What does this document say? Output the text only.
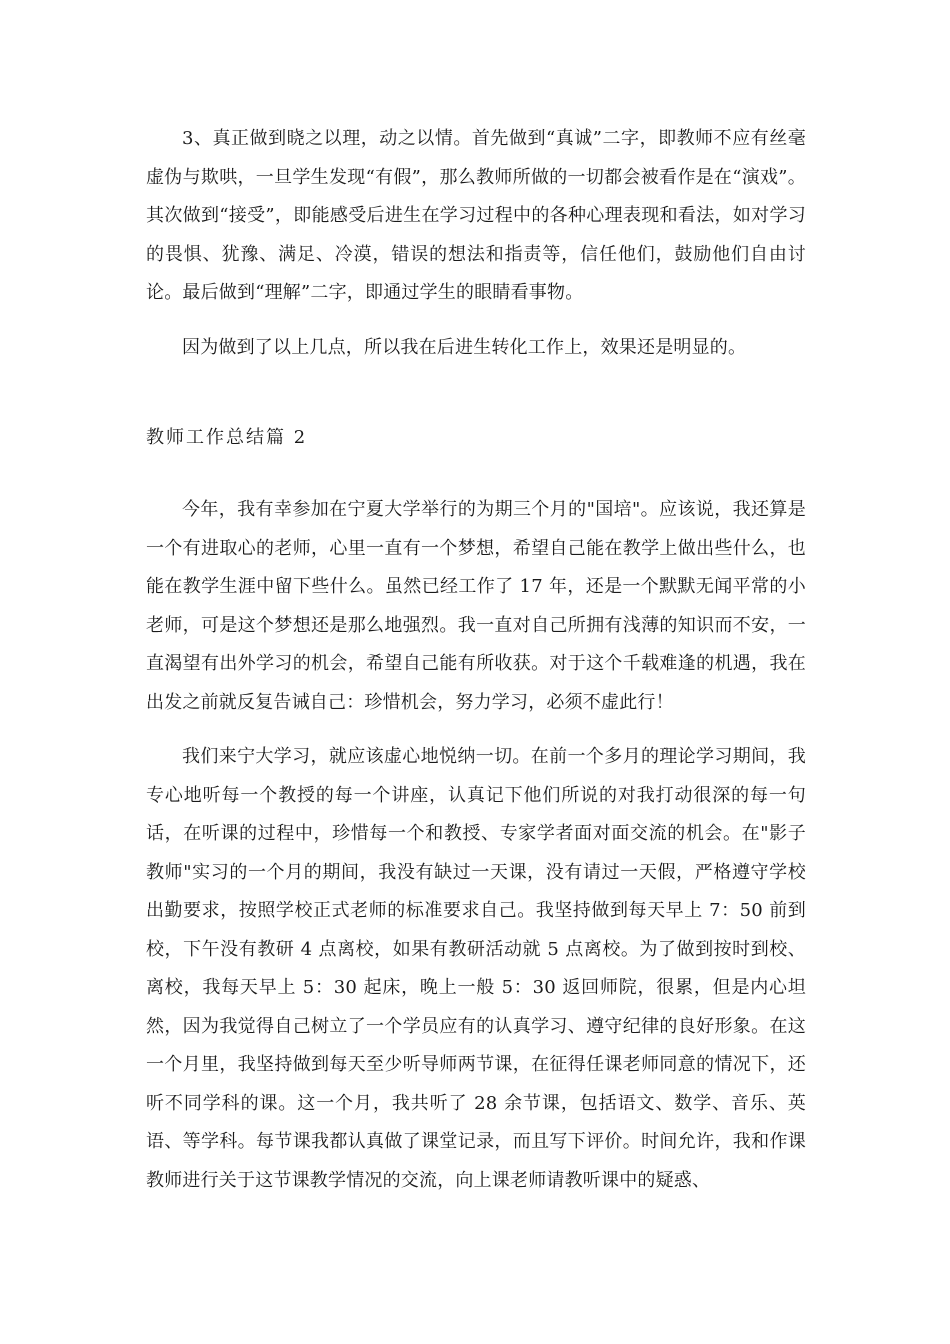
3、真正做到晓之以理，动之以情。首先做到“真诚”二字，即教师不应有丝毫虚伪与欺哄，一旦学生发现“有假”，那么教师所做的一切都会被看作是在“演戏”。其次做到“接受”，即能感受后进生在学习过程中的各种心理表现和看法，如对学习的畏惧、犹豫、满足、冷漠，错误的想法和指责等，信任他们，鼓励他们自由讨论。最后做到“理解”二字，即通过学生的眼睛看事物。

因为做到了以上几点，所以我在后进生转化工作上，效果还是明显的。

教师工作总结篇 2

今年，我有幸参加在宁夏大学举行的为期三个月的"国培"。应该说，我还算是一个有进取心的老师，心里一直有一个梦想，希望自己能在教学上做出些什么，也能在教学生涯中留下些什么。虽然已经工作了 17 年，还是一个默默无闻平常的小老师，可是这个梦想还是那么地强烈。我一直对自己所拥有浅薄的知识而不安，一直渴望有出外学习的机会，希望自己能有所收获。对于这个千载难逢的机遇，我在出发之前就反复告诫自己：珍惜机会，努力学习，必须不虚此行！

我们来宁大学习，就应该虚心地悦纳一切。在前一个多月的理论学习期间，我专心地听每一个教授的每一个讲座，认真记下他们所说的对我打动很深的每一句话，在听课的过程中，珍惜每一个和教授、专家学者面对面交流的机会。在"影子教师"实习的一个月的期间，我没有缺过一天课，没有请过一天假，严格遵守学校出勤要求，按照学校正式老师的标准要求自己。我坚持做到每天早上 7：50 前到校，下午没有教研 4 点离校，如果有教研活动就 5 点离校。为了做到按时到校、离校，我每天早上 5：30 起床，晚上一般 5：30 返回师院，很累，但是内心坦然，因为我觉得自己树立了一个学员应有的认真学习、遵守纪律的良好形象。在这一个月里，我坚持做到每天至少听导师两节课，在征得任课老师同意的情况下，还听不同学科的课。这一个月，我共听了 28 余节课，包括语文、数学、音乐、英语、等学科。每节课我都认真做了课堂记录，而且写下评价。时间允许，我和作课教师进行关于这节课教学情况的交流，向上课老师请教听课中的疑惑、
